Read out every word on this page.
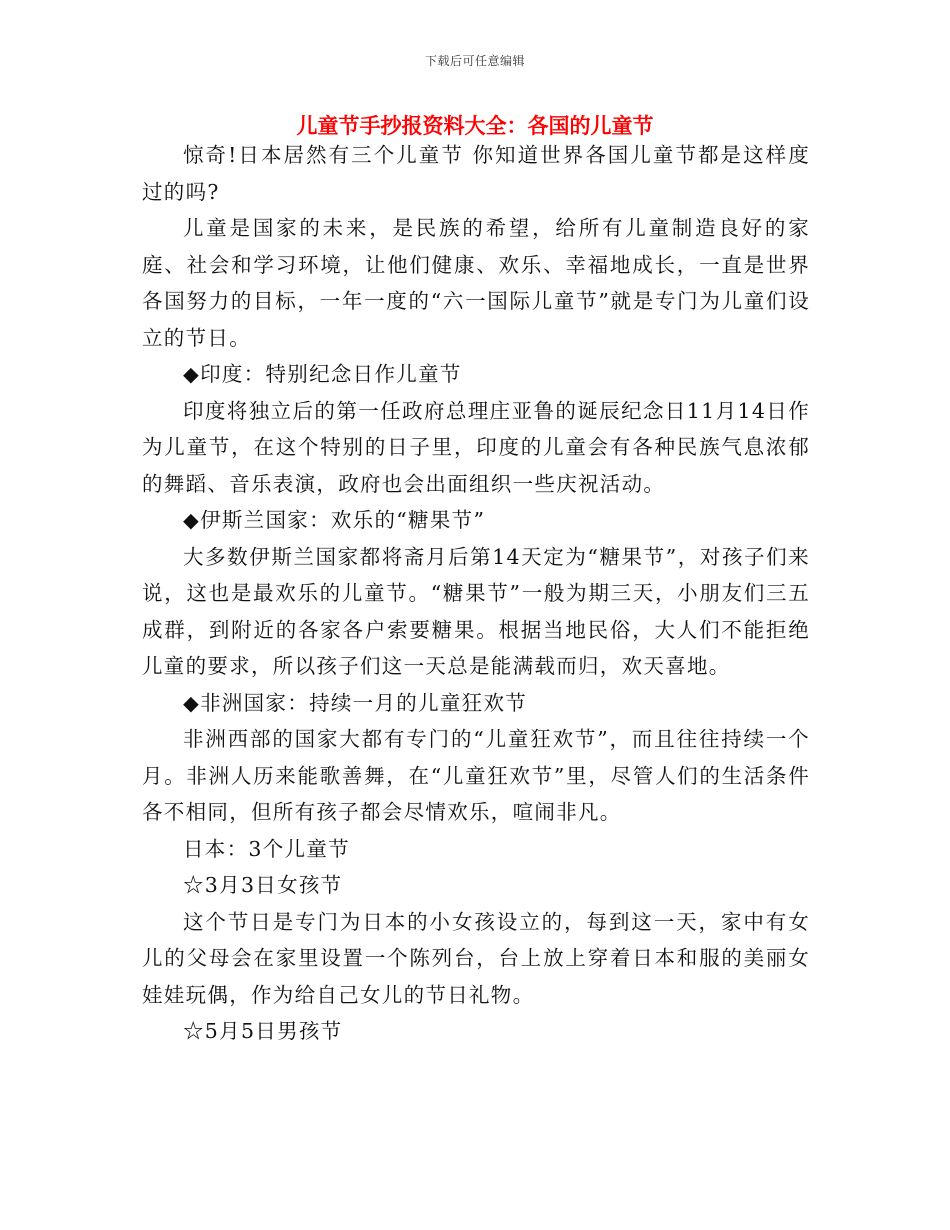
下载后可任意编辑
儿童节手抄报资料大全：各国的儿童节

惊奇!日本居然有三个儿童节 你知道世界各国儿童节都是这样度过的吗?

儿童是国家的未来，是民族的希望，给所有儿童制造良好的家庭、社会和学习环境，让他们健康、欢乐、幸福地成长，一直是世界各国努力的目标，一年一度的“六一国际儿童节”就是专门为儿童们设立的节日。

◆印度：特别纪念日作儿童节

印度将独立后的第一任政府总理庄亚鲁的诞辰纪念日11月14日作为儿童节，在这个特别的日子里，印度的儿童会有各种民族气息浓郁的舞蹈、音乐表演，政府也会出面组织一些庆祝活动。

◆伊斯兰国家：欢乐的“糖果节”

大多数伊斯兰国家都将斋月后第14天定为“糖果节”，对孩子们来说，这也是最欢乐的儿童节。“糖果节”一般为期三天，小朋友们三五成群，到附近的各家各户索要糖果。根据当地民俗，大人们不能拒绝儿童的要求，所以孩子们这一天总是能满载而归，欢天喜地。

◆非洲国家：持续一月的儿童狂欢节

非洲西部的国家大都有专门的“儿童狂欢节”，而且往往持续一个月。非洲人历来能歌善舞，在“儿童狂欢节”里，尽管人们的生活条件各不相同，但所有孩子都会尽情欢乐，喧闹非凡。

日本：3个儿童节

☆3月3日女孩节

这个节日是专门为日本的小女孩设立的，每到这一天，家中有女儿的父母会在家里设置一个陈列台，台上放上穿着日本和服的美丽女娃娃玩偶，作为给自己女儿的节日礼物。

☆5月5日男孩节
